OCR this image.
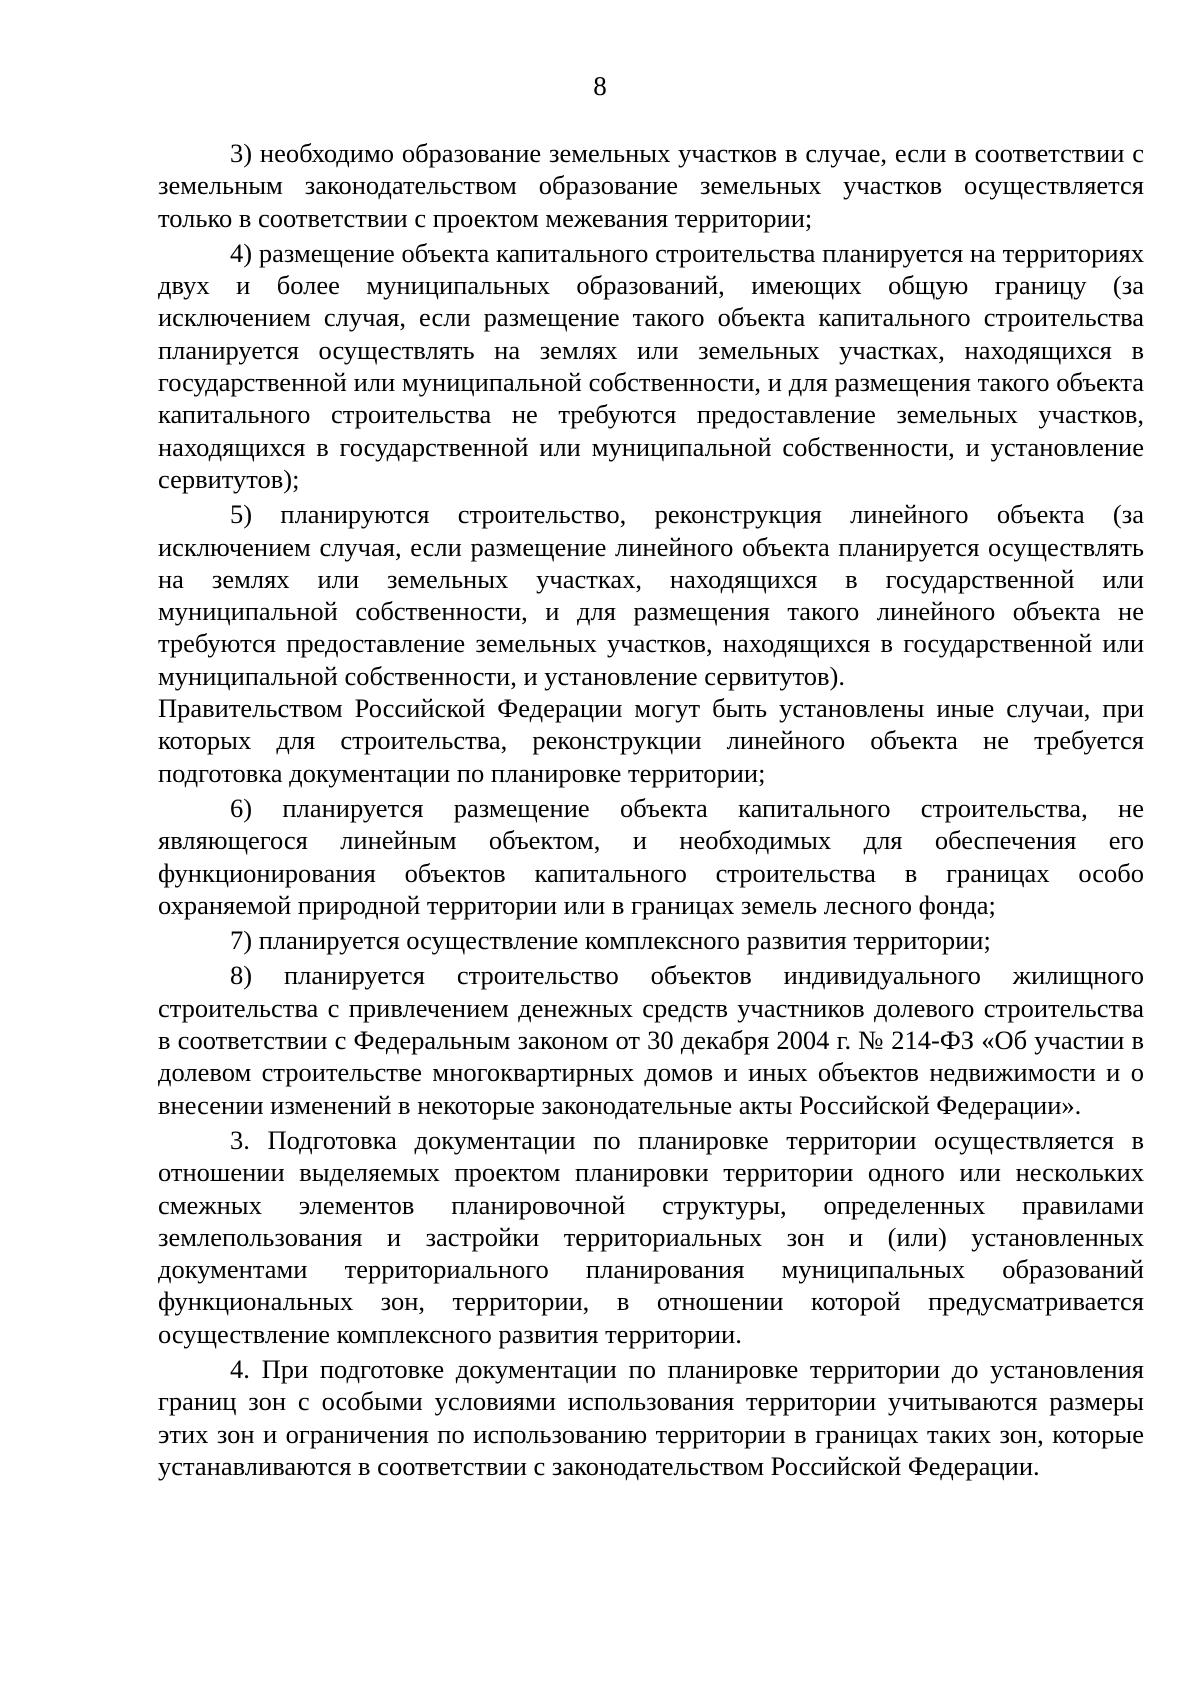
8

3) необходимо образование земельных участков в случае, если в соответствии с земельным законодательством образование земельных участков осуществляется только в соответствии с проектом межевания территории;

4) размещение объекта капитального строительства планируется на территориях двух и более муниципальных образований, имеющих общую границу (за исключением случая, если размещение такого объекта капитального строительства планируется осуществлять на землях или земельных участках, находящихся в государственной или муниципальной собственности, и для размещения такого объекта капитального строительства не требуются предоставление земельных участков, находящихся в государственной или муниципальной собственности, и установление сервитутов);

5) планируются строительство, реконструкция линейного объекта (за исключением случая, если размещение линейного объекта планируется осуществлять на землях или земельных участках, находящихся в государственной или муниципальной собственности, и для размещения такого линейного объекта не требуются предоставление земельных участков, находящихся в государственной или муниципальной собственности, и установление сервитутов).

Правительством Российской Федерации могут быть установлены иные случаи, при которых для строительства, реконструкции линейного объекта не требуется подготовка документации по планировке территории;

6) планируется размещение объекта капитального строительства, не являющегося линейным объектом, и необходимых для обеспечения его функционирования объектов капитального строительства в границах особо охраняемой природной территории или в границах земель лесного фонда;

7) планируется осуществление комплексного развития территории;

8) планируется строительство объектов индивидуального жилищного строительства с привлечением денежных средств участников долевого строительства в соответствии с Федеральным законом от 30 декабря 2004 г. № 214-ФЗ «Об участии в долевом строительстве многоквартирных домов и иных объектов недвижимости и о внесении изменений в некоторые законодательные акты Российской Федерации».

3. Подготовка документации по планировке территории осуществляется в отношении выделяемых проектом планировки территории одного или нескольких смежных элементов планировочной структуры, определенных правилами землепользования и застройки территориальных зон и (или) установленных документами территориального планирования муниципальных образований функциональных зон, территории, в отношении которой предусматривается осуществление комплексного развития территории.

4. При подготовке документации по планировке территории до установления границ зон с особыми условиями использования территории учитываются размеры этих зон и ограничения по использованию территории в границах таких зон, которые устанавливаются в соответствии с законодательством Российской Федерации.
